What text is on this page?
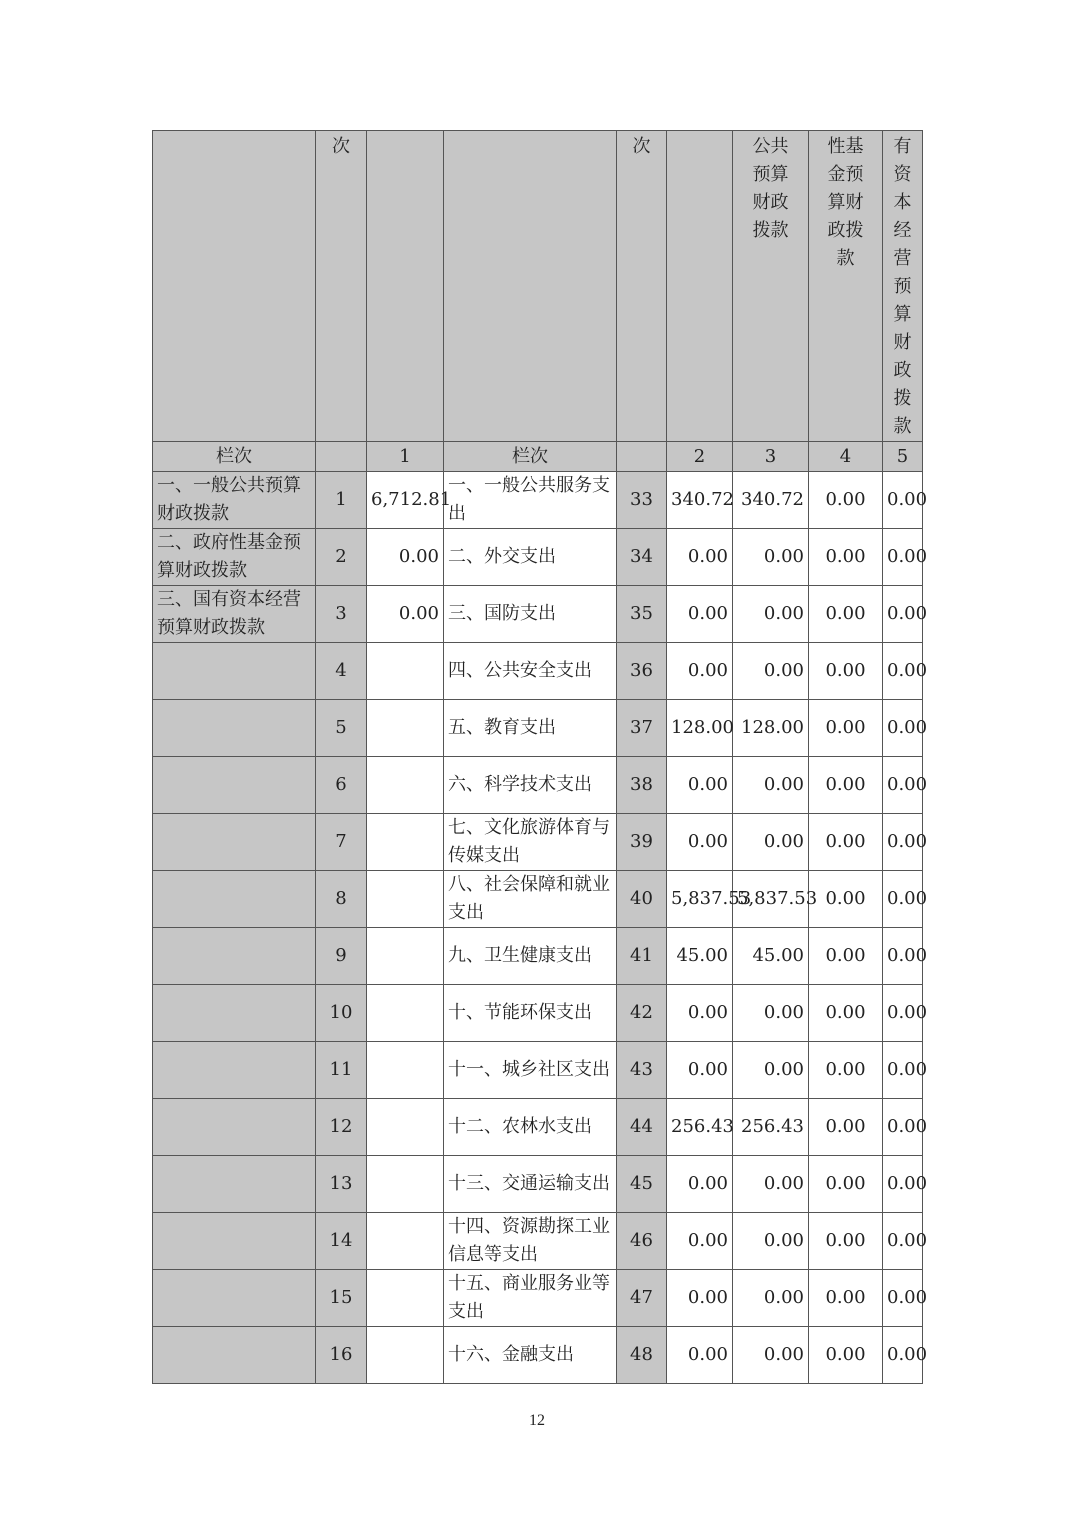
	次			次		公共预算财政拨款	性基金预算财政拨款	有资本经营预算财政拨款
栏次		1	栏次		2	3	4	5
一、一般公共预算财政拨款	1	6,712.81	一、一般公共服务支出	33	340.72	340.72	0.00	0.00
二、政府性基金预算财政拨款	2	0.00	二、外交支出	34	0.00	0.00	0.00	0.00
三、国有资本经营预算财政拨款	3	0.00	三、国防支出	35	0.00	0.00	0.00	0.00
	4		四、公共安全支出	36	0.00	0.00	0.00	0.00
	5		五、教育支出	37	128.00	128.00	0.00	0.00
	6		六、科学技术支出	38	0.00	0.00	0.00	0.00
	7		七、文化旅游体育与传媒支出	39	0.00	0.00	0.00	0.00
	8		八、社会保障和就业支出	40	5,837.53	5,837.53	0.00	0.00
	9		九、卫生健康支出	41	45.00	45.00	0.00	0.00
	10		十、节能环保支出	42	0.00	0.00	0.00	0.00
	11		十一、城乡社区支出	43	0.00	0.00	0.00	0.00
	12		十二、农林水支出	44	256.43	256.43	0.00	0.00
	13		十三、交通运输支出	45	0.00	0.00	0.00	0.00
	14		十四、资源勘探工业信息等支出	46	0.00	0.00	0.00	0.00
	15		十五、商业服务业等支出	47	0.00	0.00	0.00	0.00
	16		十六、金融支出	48	0.00	0.00	0.00	0.00
12
